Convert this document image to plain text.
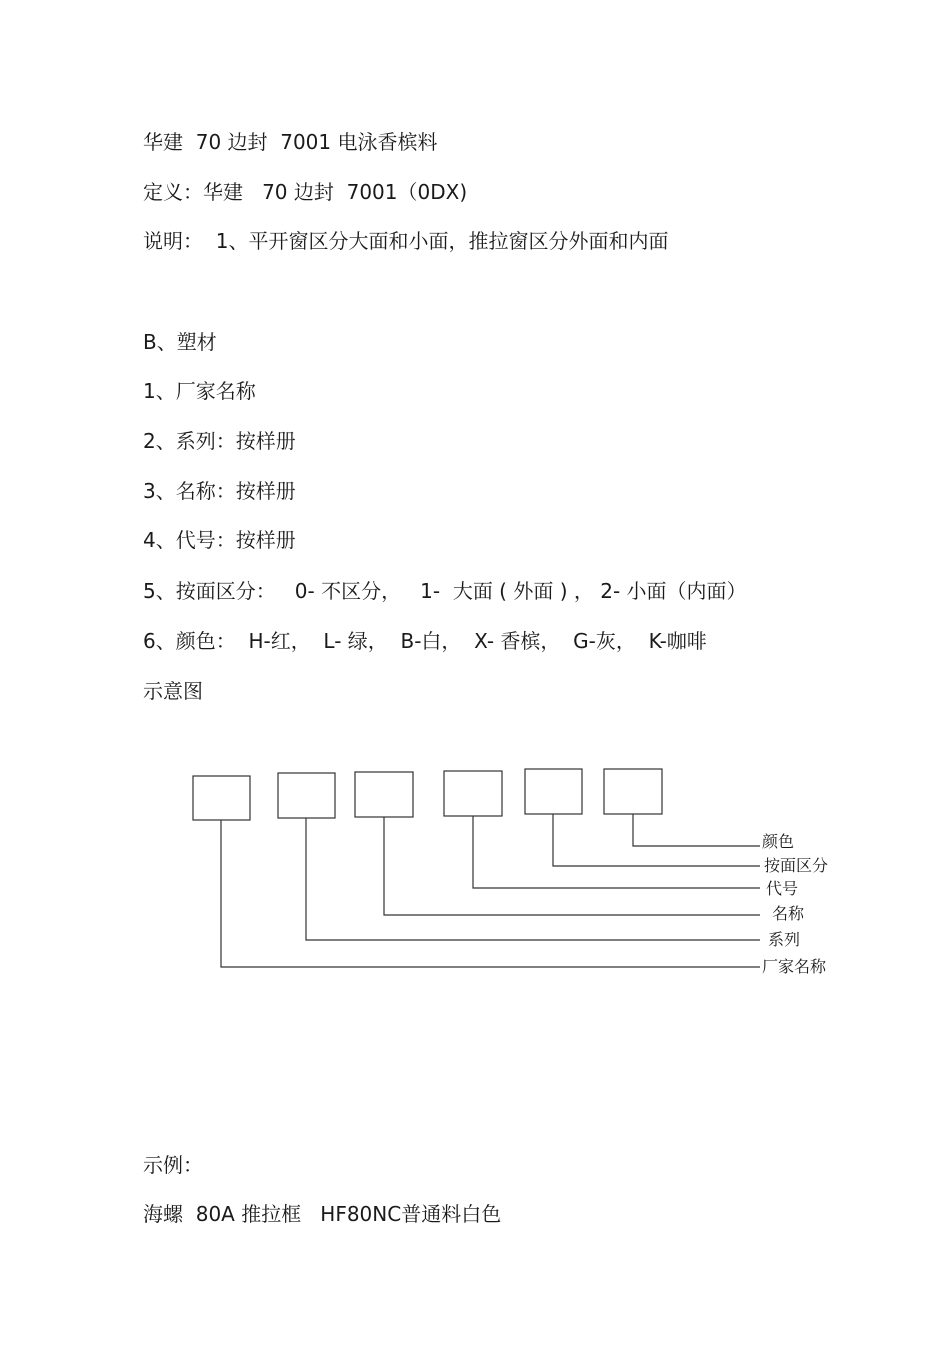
华建  70 边封  7001 电泳香槟料
定义：华建   70 边封  7001（0DX)
说明：  1、平开窗区分大面和小面，推拉窗区分外面和内面
B、塑材
1、厂家名称
2、系列：按样册
3、名称：按样册
4、代号：按样册
5、按面区分：   0- 不区分，   1-  大面 ( 外面 ) ， 2- 小面（内面）
6、颜色：  H-红，  L- 绿，  B-白，  X- 香槟，  G-灰，  K-咖啡
示意图
颜色
按面区分
代号
名称
系列
厂家名称
示例：
海螺  80A 推拉框   HF80NC普通料白色
